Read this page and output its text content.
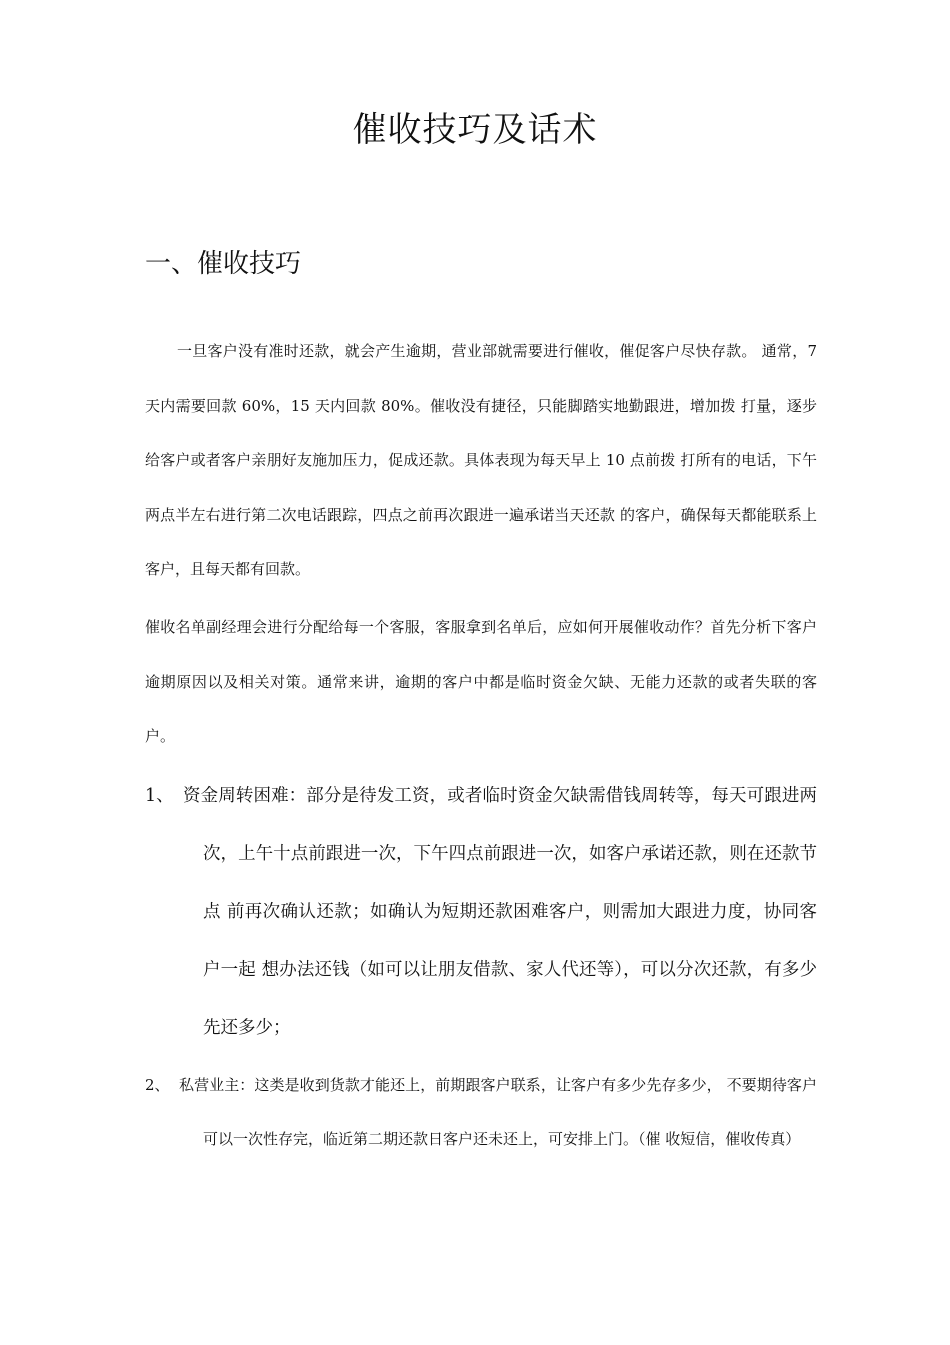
催收技巧及话术
一、催收技巧

一旦客户没有准时还款，就会产生逾期，营业部就需要进行催收，催促客户尽快存款。 通常，7 天内需要回款 60%，15 天内回款 80%。催收没有捷径，只能脚踏实地勤跟进，增加拨 打量，逐步给客户或者客户亲朋好友施加压力，促成还款。具体表现为每天早上 10 点前拨 打所有的电话，下午两点半左右进行第二次电话跟踪，四点之前再次跟进一遍承诺当天还款 的客户，确保每天都能联系上客户，且每天都有回款。

催收名单副经理会进行分配给每一个客服，客服拿到名单后，应如何开展催收动作？首先分析下客户逾期原因以及相关对策。通常来讲，逾期的客户中都是临时资金欠缺、无能力还款的或者失联的客户。

1、 资金周转困难：部分是待发工资，或者临时资金欠缺需借钱周转等，每天可跟进两 次，上午十点前跟进一次，下午四点前跟进一次，如客户承诺还款，则在还款节点 前再次确认还款；如确认为短期还款困难客户，则需加大跟进力度，协同客户一起 想办法还钱（如可以让朋友借款、家人代还等），可以分次还款，有多少先还多少；
2、 私营业主：这类是收到货款才能还上，前期跟客户联系，让客户有多少先存多少， 不要期待客户可以一次性存完，临近第二期还款日客户还未还上，可安排上门。（催 收短信，催收传真）
